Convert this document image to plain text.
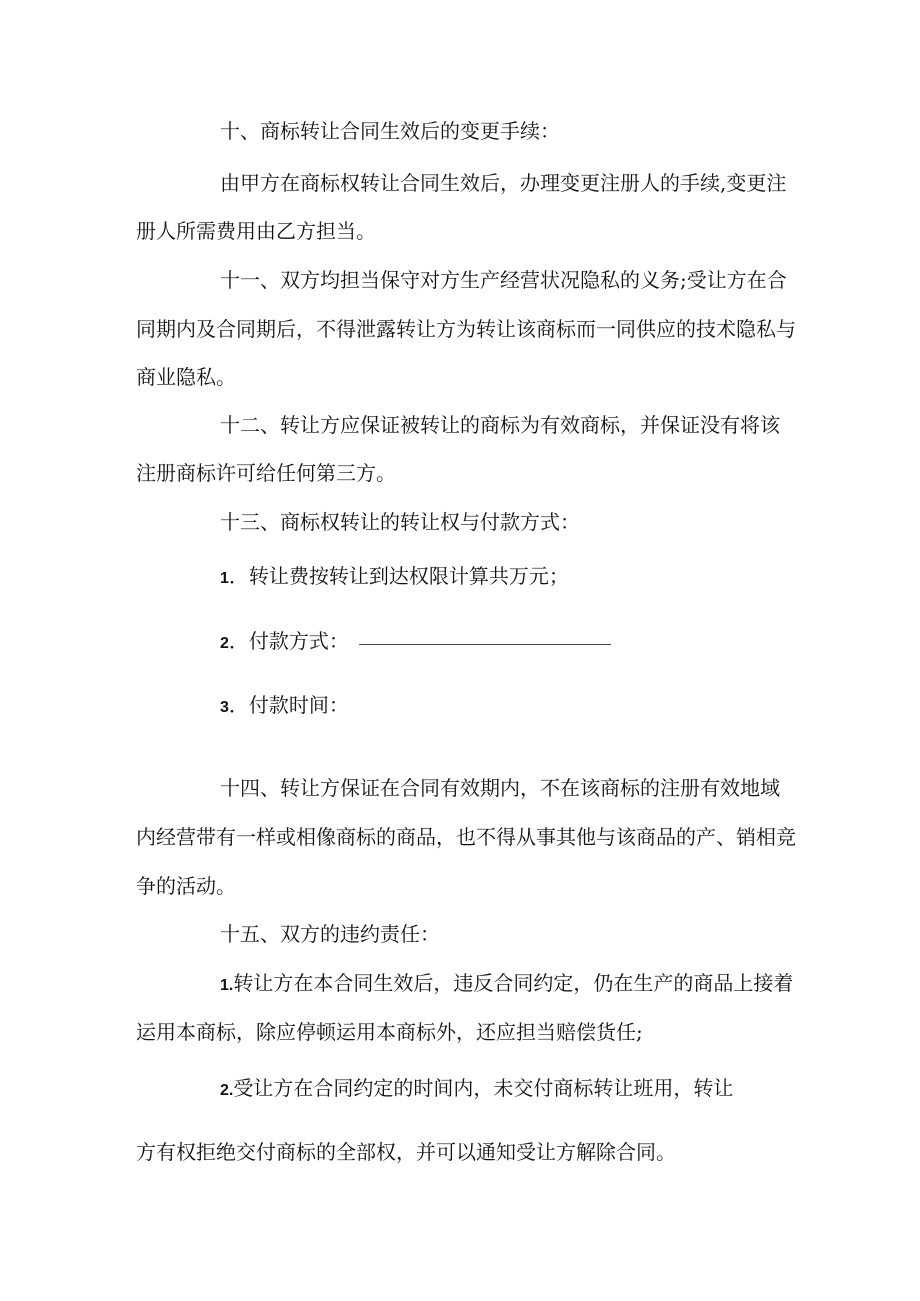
十、商标转让合同生效后的变更手续：
由甲方在商标权转让合同生效后，办理变更注册人的手续,变更注
册人所需费用由乙方担当。
十一、双方均担当保守对方生产经营状况隐私的义务;受让方在合
同期内及合同期后，不得泄露转让方为转让该商标而一同供应的技术隐私与
商业隐私。
十二、转让方应保证被转让的商标为有效商标，并保证没有将该
注册商标许可给任何第三方。
十三、商标权转让的转让权与付款方式：
1．转让费按转让到达权限计算共万元；
2．付款方式：
3．付款时间：
十四、转让方保证在合同有效期内，不在该商标的注册有效地域
内经营带有一样或相像商标的商品，也不得从事其他与该商品的产、销相竞
争的活动。
十五、双方的违约责任：
1.转让方在本合同生效后，违反合同约定，仍在生产的商品上接着
运用本商标，除应停顿运用本商标外，还应担当赔偿货任;
2.受让方在合同约定的时间内，未交付商标转让班用，转让
方有权拒绝交付商标的全部权，并可以通知受让方解除合同。
